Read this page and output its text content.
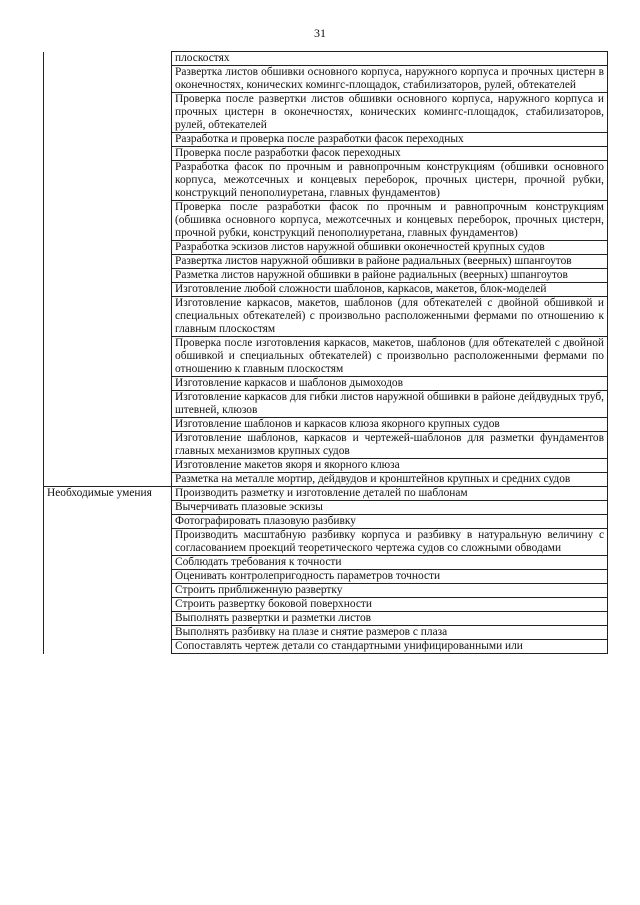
31
	плоскостях
	Развертка листов обшивки основного корпуса, наружного корпуса и прочных цистерн в оконечностях, конических комингс-площадок, стабилизаторов, рулей, обтекателей
	Проверка после развертки листов обшивки основного корпуса, наружного корпуса и прочных цистерн в оконечностях, конических комингс-площадок, стабилизаторов, рулей, обтекателей
	Разработка и проверка после разработки фасок переходных
	Проверка после разработки фасок переходных
	Разработка фасок по прочным и равнопрочным конструкциям (обшивки основного корпуса, межотсечных и концевых переборок, прочных цистерн, прочной рубки, конструкций пенополиуретана, главных фундаментов)
	Проверка после разработки фасок по прочным и равнопрочным конструкциям (обшивка основного корпуса, межотсечных и концевых переборок, прочных цистерн, прочной рубки, конструкций пенополиуретана, главных фундаментов)
	Разработка эскизов листов наружной обшивки оконечностей крупных судов
	Развертка листов наружной обшивки в районе радиальных (веерных) шпангоутов
	Разметка листов наружной обшивки в районе радиальных (веерных) шпангоутов
	Изготовление любой сложности шаблонов, каркасов, макетов, блок-моделей
	Изготовление каркасов, макетов, шаблонов (для обтекателей с двойной обшивкой и специальных обтекателей) с произвольно расположенными фермами по отношению к главным плоскостям
	Проверка после изготовления каркасов, макетов, шаблонов (для обтекателей с двойной обшивкой и специальных обтекателей) с произвольно расположенными фермами по отношению к главным плоскостям
	Изготовление каркасов и шаблонов дымоходов
	Изготовление каркасов для гибки листов наружной обшивки в районе дейдвудных труб, штевней, клюзов
	Изготовление шаблонов и каркасов клюза якорного крупных судов
	Изготовление шаблонов, каркасов и чертежей-шаблонов для разметки фундаментов главных механизмов крупных судов
	Изготовление макетов якоря и якорного клюза
	Разметка на металле мортир, дейдвудов и кронштейнов крупных и средних судов
Необходимые умения	Производить разметку и изготовление деталей по шаблонам
	Вычерчивать плазовые эскизы
	Фотографировать плазовую разбивку
	Производить масштабную разбивку корпуса и разбивку в натуральную величину с согласованием проекций теоретического чертежа судов со сложными обводами
	Соблюдать требования к точности
	Оценивать контролепригодность параметров точности
	Строить приближенную развертку
	Строить развертку боковой поверхности
	Выполнять развертки и разметки листов
	Выполнять разбивку на плазе и снятие размеров с плаза
	Сопоставлять чертеж детали со стандартными унифицированными или
